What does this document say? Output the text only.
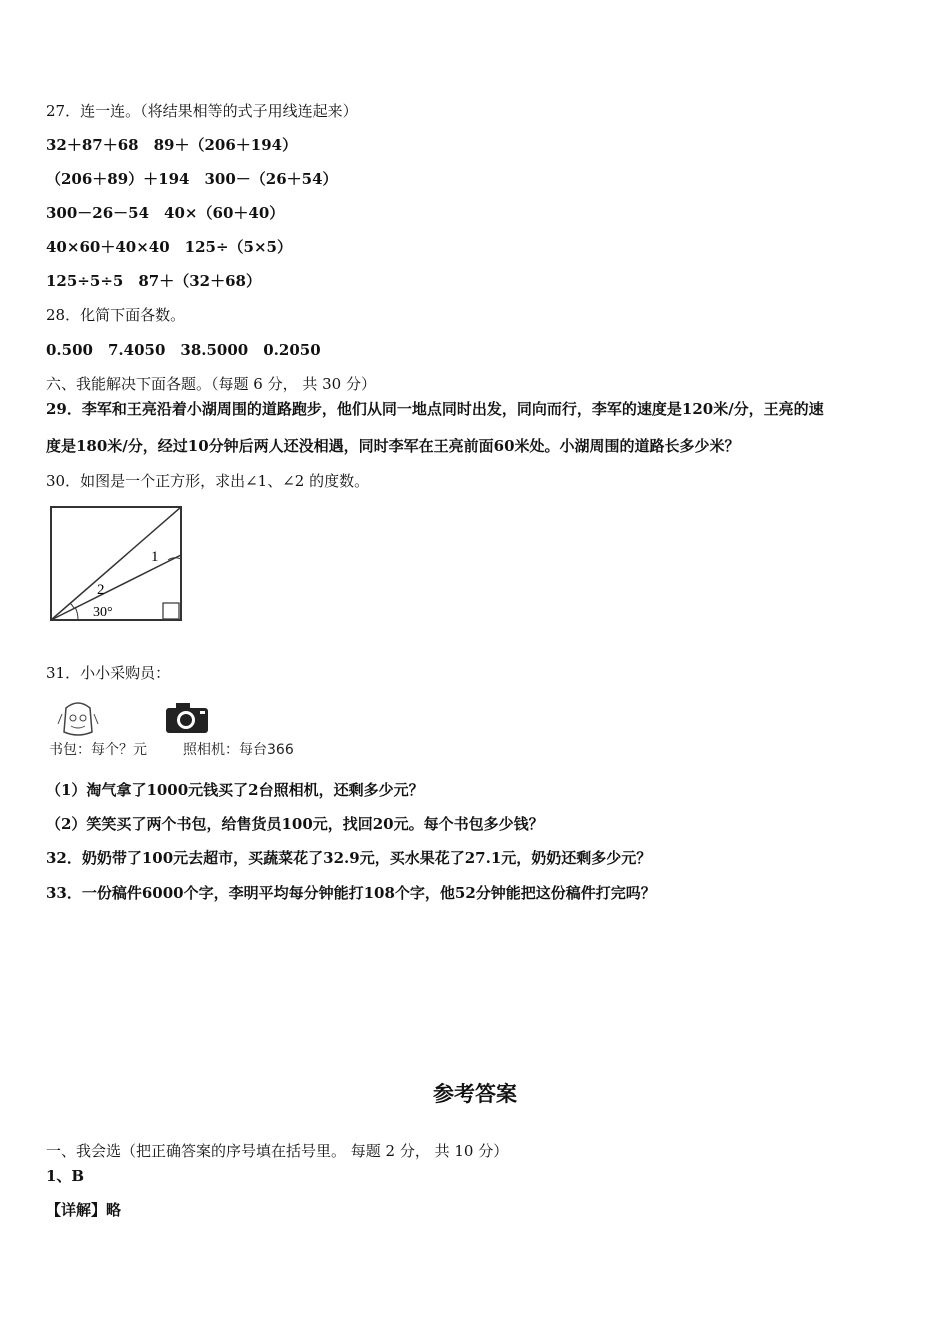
27．连一连。（将结果相等的式子用线连起来）
32＋87＋68　89＋（206＋194）
（206＋89）＋194　300－（26＋54）
300－26－54　40×（60＋40）
40×60＋40×40　125÷（5×5）
125÷5÷5　87＋（32＋68）
28．化简下面各数。
0.500　7.4050　38.5000　0.2050
六、我能解决下面各题。（每题 6 分， 共 30 分）
29．李军和王亮沿着小湖周围的道路跑步，他们从同一地点同时出发，同向而行，李军的速度是120米/分，王亮的速
度是180米/分，经过10分钟后两人还没相遇，同时李军在王亮前面60米处。小湖周围的道路长多少米？
30．如图是一个正方形，求出∠1、∠2 的度数。
1
2
30°
31．小小采购员：
书包：每个？元	照相机：每台366
（1）淘气拿了1000元钱买了2台照相机，还剩多少元？
（2）笑笑买了两个书包，给售货员100元，找回20元。每个书包多少钱？
32．奶奶带了100元去超市，买蔬菜花了32.9元，买水果花了27.1元，奶奶还剩多少元？
33．一份稿件6000个字，李明平均每分钟能打108个字，他52分钟能把这份稿件打完吗？
参考答案
一、我会选（把正确答案的序号填在括号里。 每题 2 分， 共 10 分）
1、B
【详解】略
